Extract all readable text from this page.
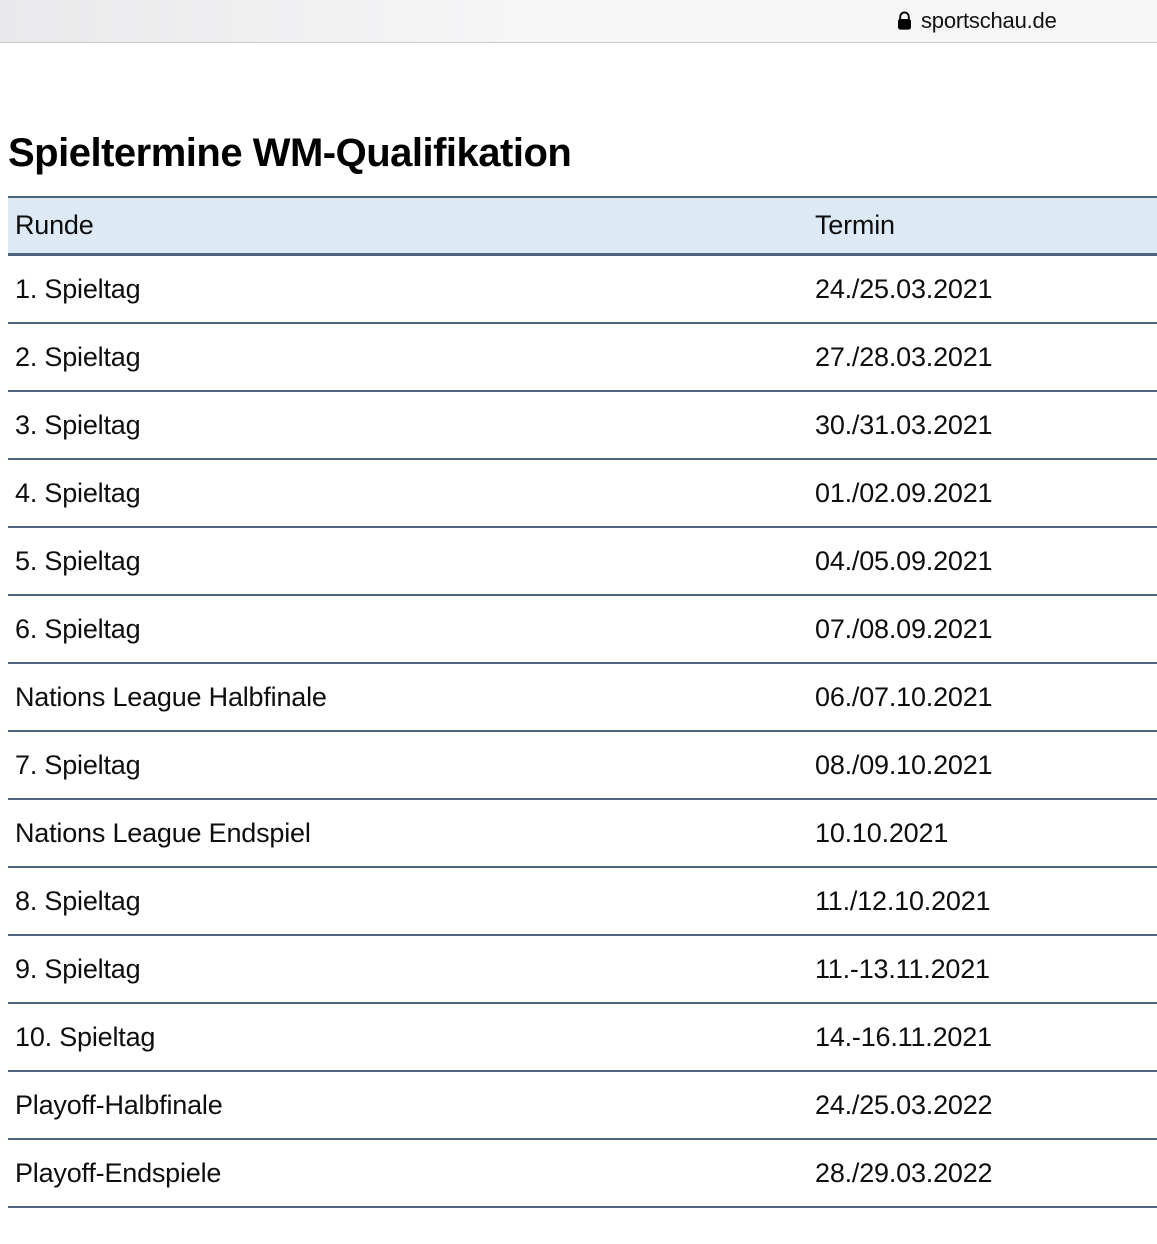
sportschau.de
Spieltermine WM-Qualifikation
Runde	Termin
1. Spieltag	24./25.03.2021
2. Spieltag	27./28.03.2021
3. Spieltag	30./31.03.2021
4. Spieltag	01./02.09.2021
5. Spieltag	04./05.09.2021
6. Spieltag	07./08.09.2021
Nations League Halbfinale	06./07.10.2021
7. Spieltag	08./09.10.2021
Nations League Endspiel	10.10.2021
8. Spieltag	11./12.10.2021
9. Spieltag	11.-13.11.2021
10. Spieltag	14.-16.11.2021
Playoff-Halbfinale	24./25.03.2022
Playoff-Endspiele	28./29.03.2022
